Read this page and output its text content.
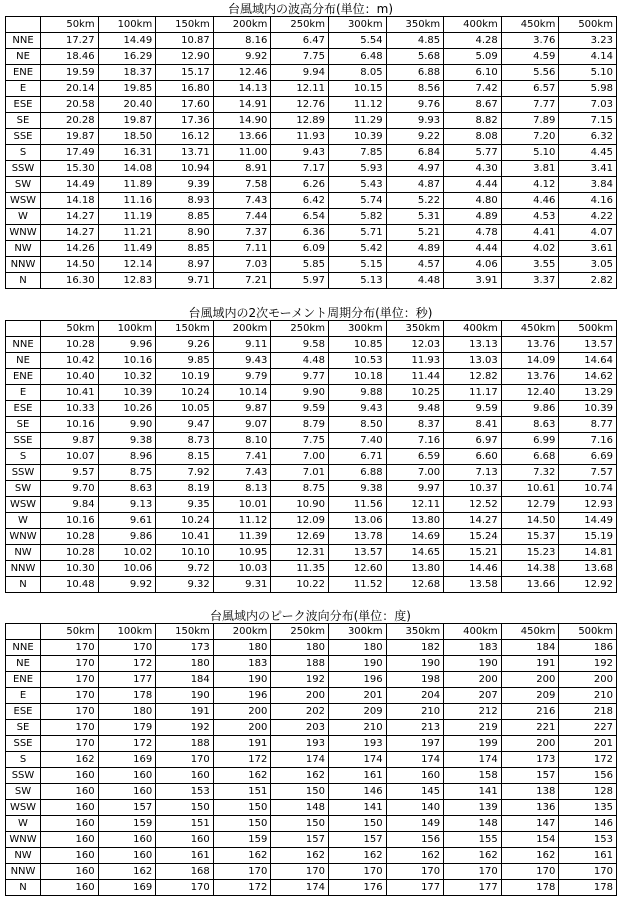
台風域内の波高分布(単位：m)
	50km	100km	150km	200km	250km	300km	350km	400km	450km	500km
NNE	17.27	14.49	10.87	8.16	6.47	5.54	4.85	4.28	3.76	3.23
NE	18.46	16.29	12.90	9.92	7.75	6.48	5.68	5.09	4.59	4.14
ENE	19.59	18.37	15.17	12.46	9.94	8.05	6.88	6.10	5.56	5.10
E	20.14	19.85	16.80	14.13	12.11	10.15	8.56	7.42	6.57	5.98
ESE	20.58	20.40	17.60	14.91	12.76	11.12	9.76	8.67	7.77	7.03
SE	20.28	19.87	17.36	14.90	12.89	11.29	9.93	8.82	7.89	7.15
SSE	19.87	18.50	16.12	13.66	11.93	10.39	9.22	8.08	7.20	6.32
S	17.49	16.31	13.71	11.00	9.43	7.85	6.84	5.77	5.10	4.45
SSW	15.30	14.08	10.94	8.91	7.17	5.93	4.97	4.30	3.81	3.41
SW	14.49	11.89	9.39	7.58	6.26	5.43	4.87	4.44	4.12	3.84
WSW	14.18	11.16	8.93	7.43	6.42	5.74	5.22	4.80	4.46	4.16
W	14.27	11.19	8.85	7.44	6.54	5.82	5.31	4.89	4.53	4.22
WNW	14.27	11.21	8.90	7.37	6.36	5.71	5.21	4.78	4.41	4.07
NW	14.26	11.49	8.85	7.11	6.09	5.42	4.89	4.44	4.02	3.61
NNW	14.50	12.14	8.97	7.03	5.85	5.15	4.57	4.06	3.55	3.05
N	16.30	12.83	9.71	7.21	5.97	5.13	4.48	3.91	3.37	2.82
台風域内の2次モーメント周期分布(単位：秒)
	50km	100km	150km	200km	250km	300km	350km	400km	450km	500km
NNE	10.28	9.96	9.26	9.11	9.58	10.85	12.03	13.13	13.76	13.57
NE	10.42	10.16	9.85	9.43	4.48	10.53	11.93	13.03	14.09	14.64
ENE	10.40	10.32	10.19	9.79	9.77	10.18	11.44	12.82	13.76	14.62
E	10.41	10.39	10.24	10.14	9.90	9.88	10.25	11.17	12.40	13.29
ESE	10.33	10.26	10.05	9.87	9.59	9.43	9.48	9.59	9.86	10.39
SE	10.16	9.90	9.47	9.07	8.79	8.50	8.37	8.41	8.63	8.77
SSE	9.87	9.38	8.73	8.10	7.75	7.40	7.16	6.97	6.99	7.16
S	10.07	8.96	8.15	7.41	7.00	6.71	6.59	6.60	6.68	6.69
SSW	9.57	8.75	7.92	7.43	7.01	6.88	7.00	7.13	7.32	7.57
SW	9.70	8.63	8.19	8.13	8.75	9.38	9.97	10.37	10.61	10.74
WSW	9.84	9.13	9.35	10.01	10.90	11.56	12.11	12.52	12.79	12.93
W	10.16	9.61	10.24	11.12	12.09	13.06	13.80	14.27	14.50	14.49
WNW	10.28	9.86	10.41	11.39	12.69	13.78	14.69	15.24	15.37	15.19
NW	10.28	10.02	10.10	10.95	12.31	13.57	14.65	15.21	15.23	14.81
NNW	10.30	10.06	9.72	10.03	11.35	12.60	13.80	14.46	14.38	13.68
N	10.48	9.92	9.32	9.31	10.22	11.52	12.68	13.58	13.66	12.92
台風域内のピーク波向分布(単位：度)
	50km	100km	150km	200km	250km	300km	350km	400km	450km	500km
NNE	170	170	173	180	180	180	182	183	184	186
NE	170	172	180	183	188	190	190	190	191	192
ENE	170	177	184	190	192	196	198	200	200	200
E	170	178	190	196	200	201	204	207	209	210
ESE	170	180	191	200	202	209	210	212	216	218
SE	170	179	192	200	203	210	213	219	221	227
SSE	170	172	188	191	193	193	197	199	200	201
S	162	169	170	172	174	174	174	174	173	172
SSW	160	160	160	162	162	161	160	158	157	156
SW	160	160	153	151	150	146	145	141	138	128
WSW	160	157	150	150	148	141	140	139	136	135
W	160	159	151	150	150	150	149	148	147	146
WNW	160	160	160	159	157	157	156	155	154	153
NW	160	160	161	162	162	162	162	162	162	161
NNW	160	162	168	170	170	170	170	170	170	170
N	160	169	170	172	174	176	177	177	178	178
